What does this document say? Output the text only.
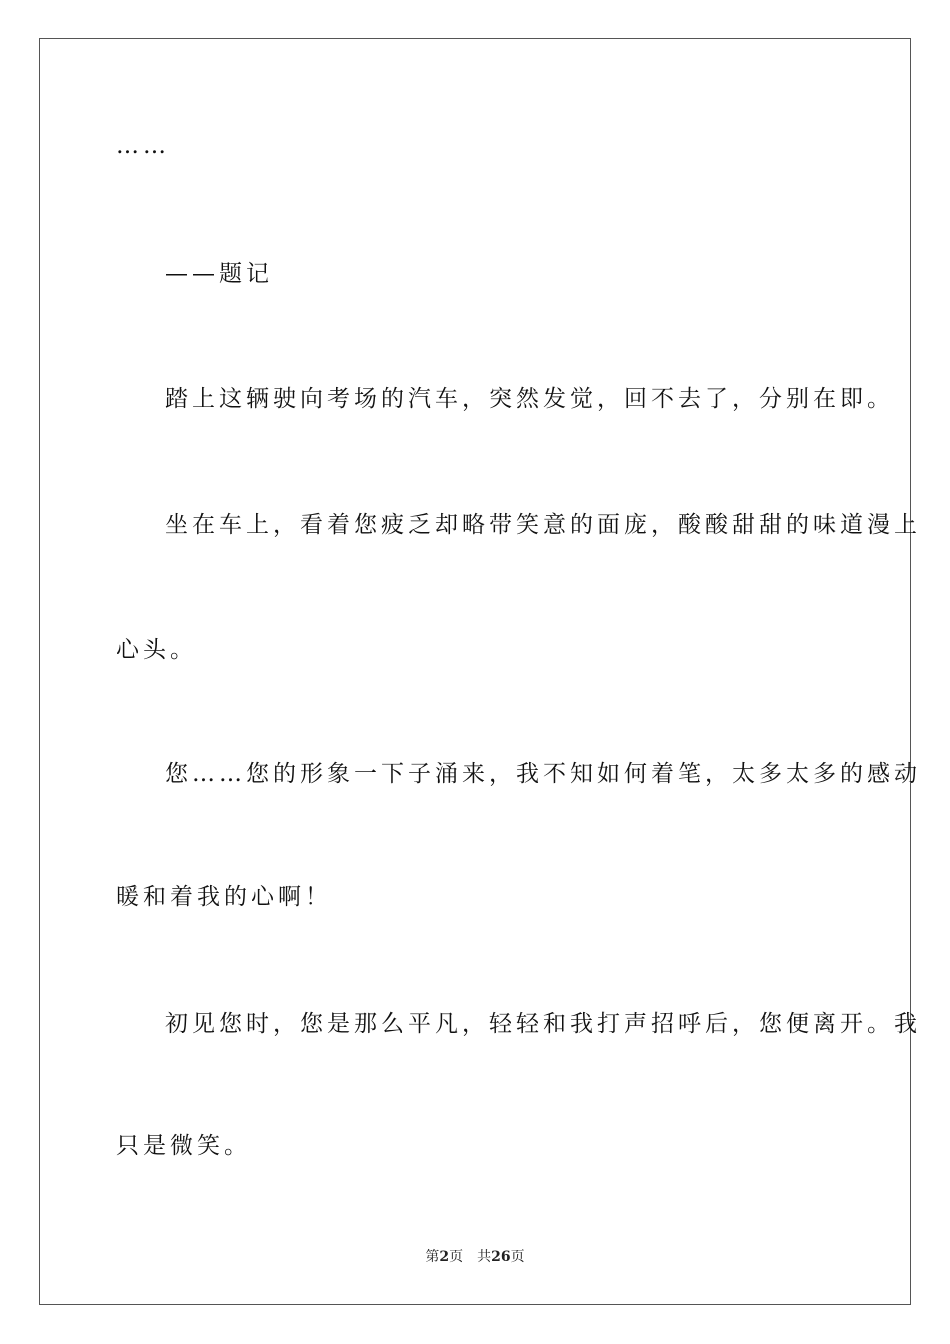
……
——题记
踏上这辆驶向考场的汽车，突然发觉，回不去了，分别在即。
坐在车上，看着您疲乏却略带笑意的面庞，酸酸甜甜的味道漫上
心头。
您……您的形象一下子涌来，我不知如何着笔，太多太多的感动
暖和着我的心啊！
初见您时，您是那么平凡，轻轻和我打声招呼后，您便离开。我
只是微笑。
第2页 共26页
